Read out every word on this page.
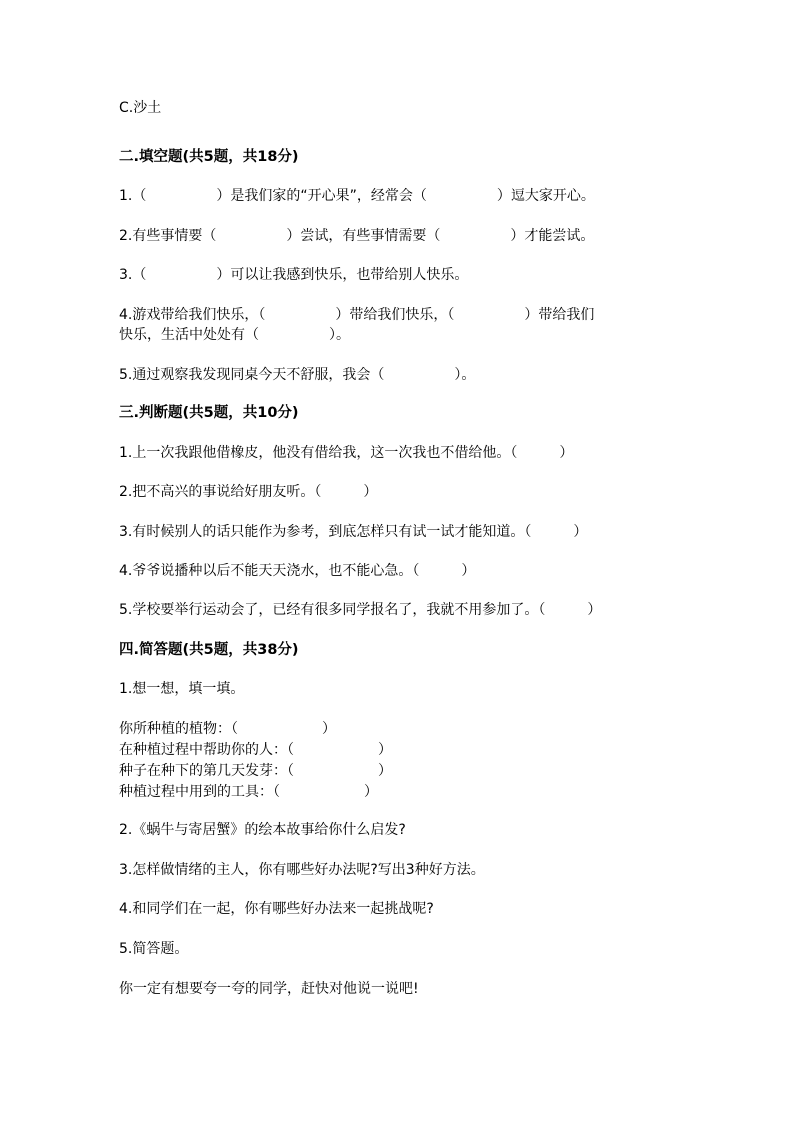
C.沙土

二.填空题(共5题，共18分)

1.（　　　　　）是我们家的“开心果”，经常会（　　　　　）逗大家开心。

2.有些事情要（　　　　　）尝试，有些事情需要（　　　　　）才能尝试。

3.（　　　　　）可以让我感到快乐，也带给别人快乐。

4.游戏带给我们快乐，（　　　　　）带给我们快乐，（　　　　　）带给我们

快乐，生活中处处有（　　　　　）。

5.通过观察我发现同桌今天不舒服，我会（　　　　　）。

三.判断题(共5题，共10分)

1.上一次我跟他借橡皮，他没有借给我，这一次我也不借给他。（　　　）

2.把不高兴的事说给好朋友听。（　　　）

3.有时候别人的话只能作为参考，到底怎样只有试一试才能知道。（　　　）

4.爷爷说播种以后不能天天浇水，也不能心急。（　　　）

5.学校要举行运动会了，已经有很多同学报名了，我就不用参加了。（　　　）

四.简答题(共5题，共38分)

1.想一想，填一填。

你所种植的植物：（　　　　　　）

在种植过程中帮助你的人：（　　　　　　）

种子在种下的第几天发芽：（　　　　　　）

种植过程中用到的工具：（　　　　　　）

2.《蜗牛与寄居蟹》的绘本故事给你什么启发?

3.怎样做情绪的主人，你有哪些好办法呢?写出3种好方法。

4.和同学们在一起，你有哪些好办法来一起挑战呢?

5.简答题。

你一定有想要夸一夸的同学，赶快对他说一说吧!
